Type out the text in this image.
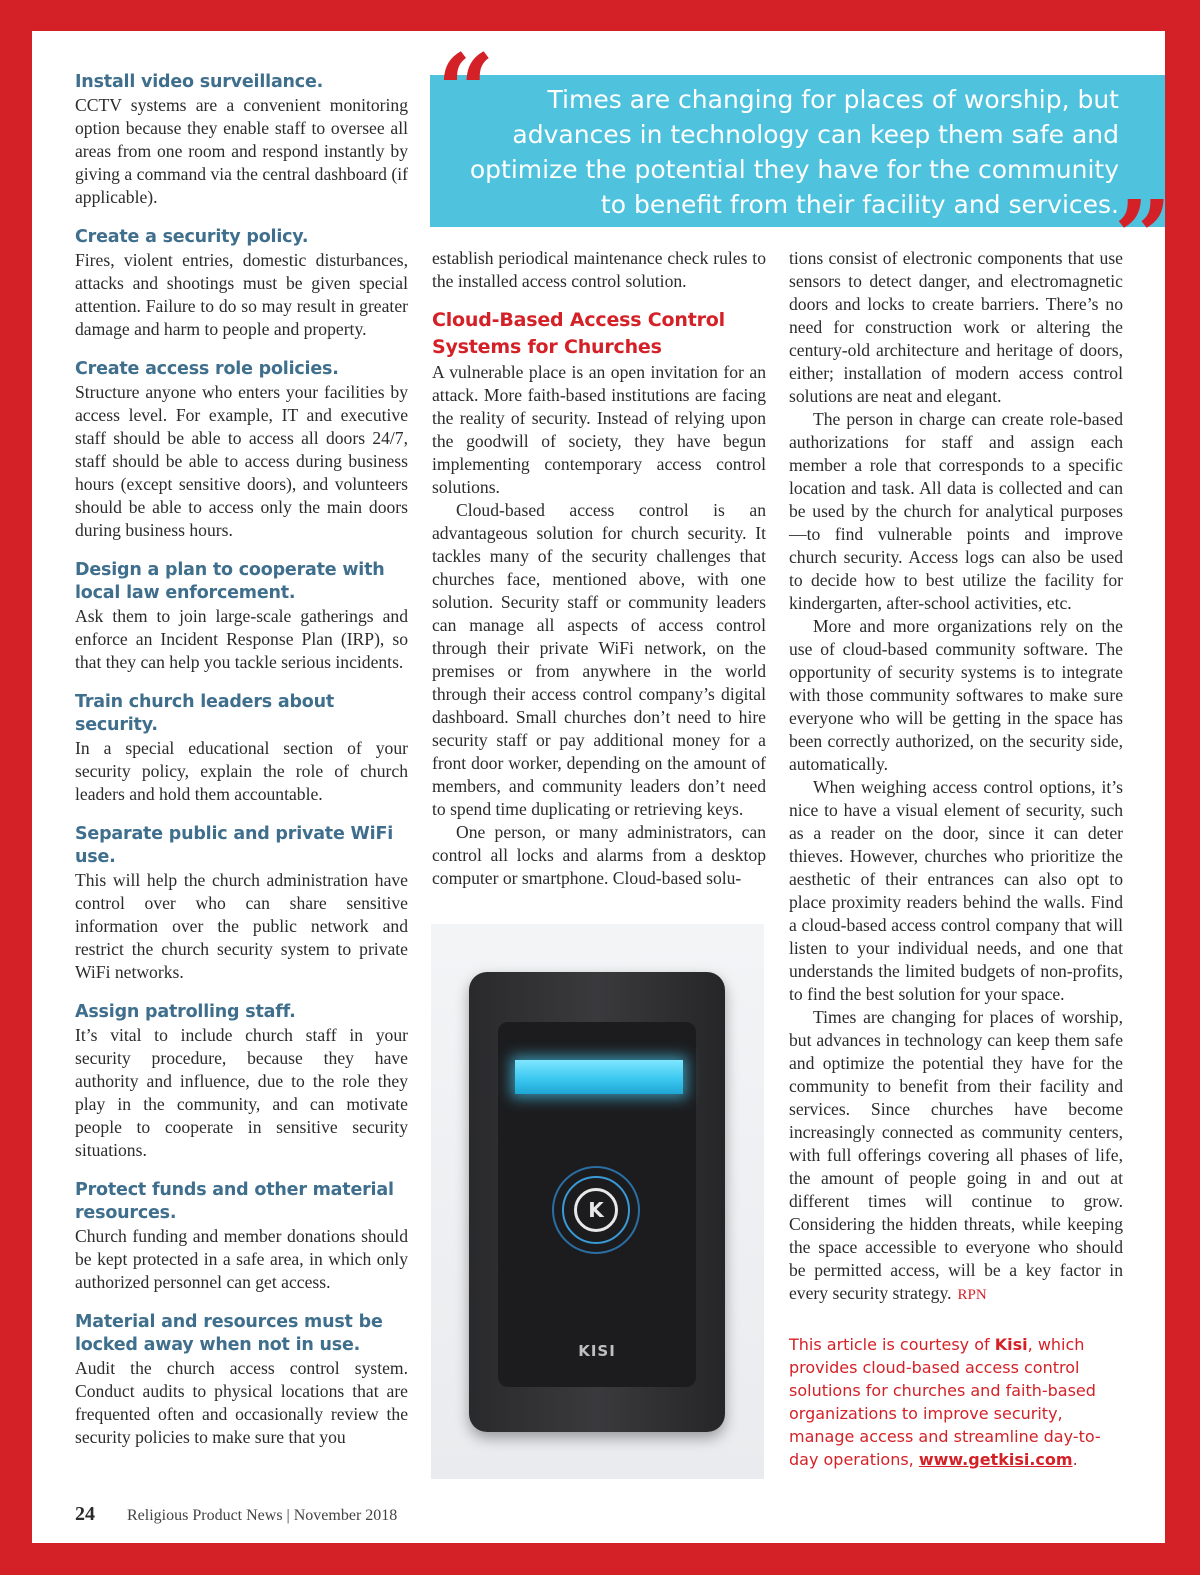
Install video surveillance.

CCTV systems are a convenient monitoring option because they enable staff to oversee all areas from one room and respond instantly by giving a command via the central dashboard (if applicable).

Create a security policy.

Fires, violent entries, domestic disturbances, attacks and shootings must be given special attention. Failure to do so may result in greater damage and harm to people and property.

Create access role policies.

Structure anyone who enters your facilities by access level. For example, IT and executive staff should be able to access all doors 24/7, staff should be able to access during business hours (except sensitive doors), and volunteers should be able to access only the main doors during business hours.

Design a plan to cooperate with local law enforcement.

Ask them to join large-scale gatherings and enforce an Incident Response Plan (IRP), so that they can help you tackle serious incidents.

Train church leaders about security.

In a special educational section of your security policy, explain the role of church leaders and hold them accountable.

Separate public and private WiFi use.

This will help the church administration have control over who can share sensitive information over the public network and restrict the church security system to private WiFi networks.

Assign patrolling staff.

It’s vital to include church staff in your security procedure, because they have authority and influence, due to the role they play in the community, and can motivate people to cooperate in sensitive security situations.

Protect funds and other material resources.

Church funding and member donations should be kept protected in a safe area, in which only authorized personnel can get access.

Material and resources must be locked away when not in use.

Audit the church access control system. Conduct audits to physical locations that are frequented often and occasionally review the security policies to make sure that you

Times are changing for places of worship, but advances in technology can keep them safe and optimize the potential they have for the community to benefit from their facility and services.

“
”

establish periodical maintenance check rules to the installed access control solution.

Cloud-Based Access Control Systems for Churches

A vulnerable place is an open invitation for an attack. More faith-based institutions are facing the reality of security. Instead of relying upon the goodwill of society, they have begun implementing contemporary access control solutions.

Cloud-based access control is an advantageous solution for church security. It tackles many of the security challenges that churches face, mentioned above, with one solution. Security staff or community leaders can manage all aspects of access control through their private WiFi network, on the premises or from anywhere in the world through their access control company’s digital dashboard. Small churches don’t need to hire security staff or pay additional money for a front door worker, depending on the amount of members, and community leaders don’t need to spend time duplicating or retrieving keys.

One person, or many administrators, can control all locks and alarms from a desktop computer or smartphone. Cloud-based solu-

K
KISI

tions consist of electronic components that use sensors to detect danger, and electromagnetic doors and locks to create barriers. There’s no need for construction work or altering the century-old architecture and heritage of doors, either; installation of modern access control solutions are neat and elegant.

The person in charge can create role-based authorizations for staff and assign each member a role that corresponds to a specific location and task. All data is collected and can be used by the church for analytical purposes—to find vulnerable points and improve church security. Access logs can also be used to decide how to best utilize the facility for kindergarten, after-school activities, etc.

More and more organizations rely on the use of cloud-based community software. The opportunity of security systems is to integrate with those community softwares to make sure everyone who will be getting in the space has been correctly authorized, on the security side, automatically.

When weighing access control options, it’s nice to have a visual element of security, such as a reader on the door, since it can deter thieves. However, churches who prioritize the aesthetic of their entrances can also opt to place proximity readers behind the walls. Find a cloud-based access control company that will listen to your individual needs, and one that understands the limited budgets of non-profits, to find the best solution for your space.

Times are changing for places of worship, but advances in technology can keep them safe and optimize the potential they have for the community to benefit from their facility and services. Since churches have become increasingly connected as community centers, with full offerings covering all phases of life, the amount of people going in and out at different times will continue to grow. Considering the hidden threats, while keeping the space accessible to everyone who should be permitted access, will be a key factor in every security strategy. RPN

This article is courtesy of Kisi, which provides cloud-based access control solutions for churches and faith-based organizations to improve security, manage access and streamline day-to-day operations, www.getkisi.com.

24 Religious Product News | November 2018
